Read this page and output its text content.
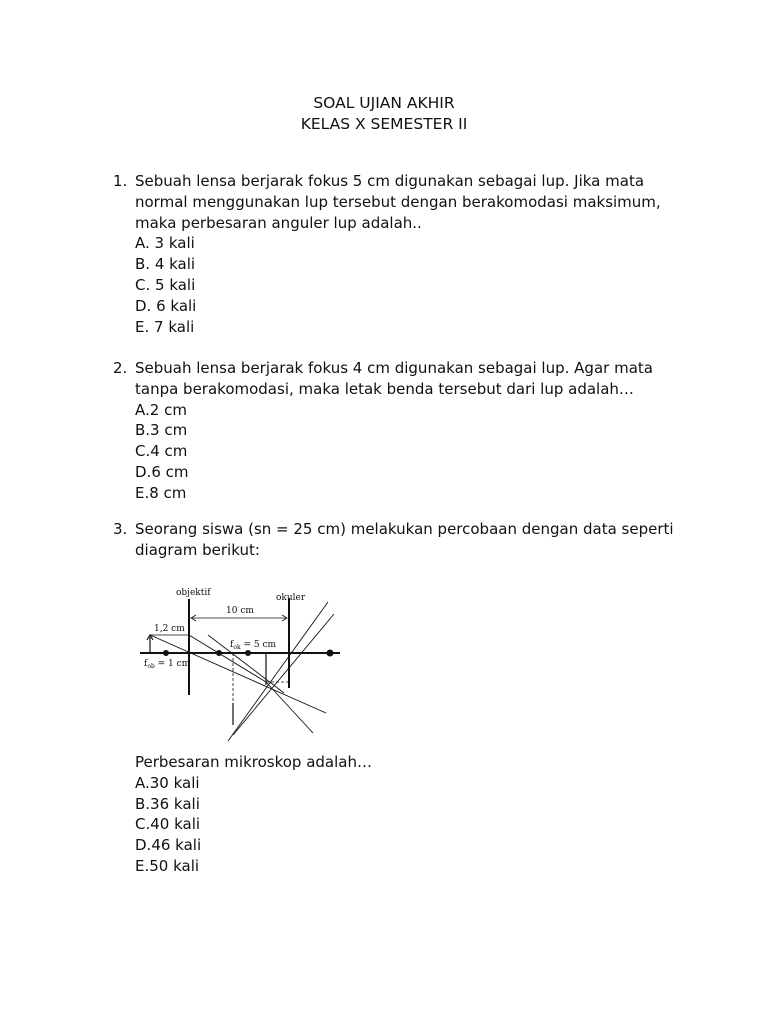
SOAL UJIAN AKHIR
KELAS X SEMESTER II
1. Sebuah lensa berjarak fokus 5 cm digunakan sebagai lup. Jika mata
normal menggunakan lup tersebut dengan berakomodasi maksimum,
maka perbesaran anguler lup adalah..
A. 3 kali
B. 4 kali
C. 5 kali
D. 6 kali
E. 7 kali
2. Sebuah lensa berjarak fokus 4 cm digunakan sebagai lup. Agar mata
tanpa berakomodasi, maka letak benda tersebut dari lup adalah…
A.2 cm
B.3 cm
C.4 cm
D.6 cm
E.8 cm
3. Seorang siswa (sn = 25 cm) melakukan percobaan dengan data seperti
diagram berikut:
objektif	okuler
10 cm
1,2 cm
$f_{ok} = 5$ cm
$f_{ob} = 1$ cm
Perbesaran mikroskop adalah…
A.30 kali
B.36 kali
C.40 kali
D.46 kali
E.50 kali
